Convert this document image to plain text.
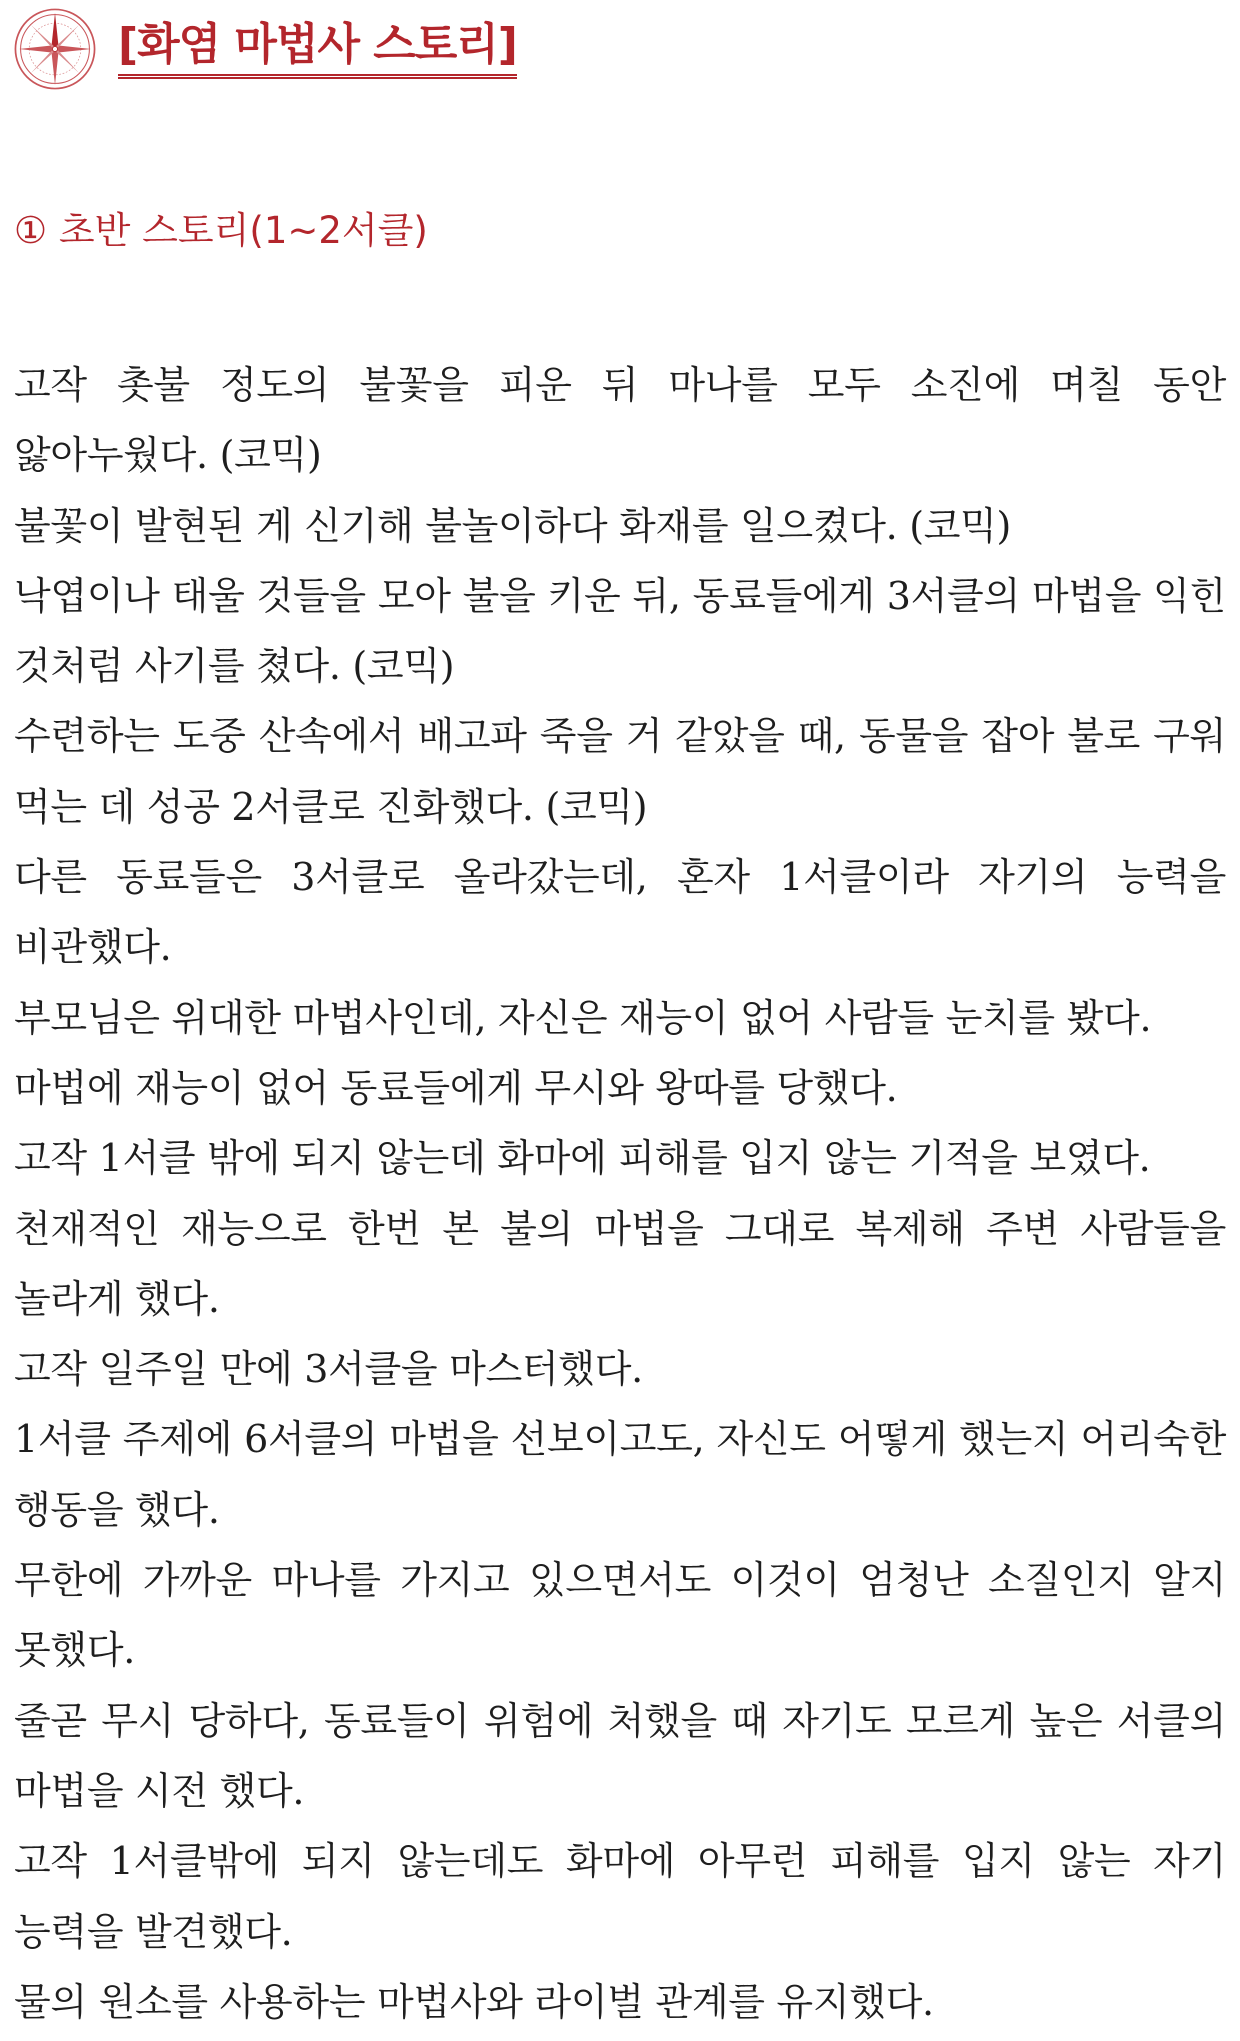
[화염 마법사 스토리]
① 초반 스토리(1~2서클)

고작 촛불 정도의 불꽃을 피운 뒤 마나를 모두 소진에 며칠 동안 앓아누웠다. (코믹)

불꽃이 발현된 게 신기해 불놀이하다 화재를 일으켰다. (코믹)

낙엽이나 태울 것들을 모아 불을 키운 뒤, 동료들에게 3서클의 마법을 익힌 것처럼 사기를 쳤다. (코믹)

수련하는 도중 산속에서 배고파 죽을 거 같았을 때, 동물을 잡아 불로 구워 먹는 데 성공 2서클로 진화했다. (코믹)

다른 동료들은 3서클로 올라갔는데, 혼자 1서클이라 자기의 능력을 비관했다.

부모님은 위대한 마법사인데, 자신은 재능이 없어 사람들 눈치를 봤다.

마법에 재능이 없어 동료들에게 무시와 왕따를 당했다.

고작 1서클 밖에 되지 않는데 화마에 피해를 입지 않는 기적을 보였다.

천재적인 재능으로 한번 본 불의 마법을 그대로 복제해 주변 사람들을 놀라게 했다.

고작 일주일 만에 3서클을 마스터했다.

1서클 주제에 6서클의 마법을 선보이고도, 자신도 어떻게 했는지 어리숙한 행동을 했다.

무한에 가까운 마나를 가지고 있으면서도 이것이 엄청난 소질인지 알지 못했다.

줄곧 무시 당하다, 동료들이 위험에 처했을 때 자기도 모르게 높은 서클의 마법을 시전 했다.

고작 1서클밖에 되지 않는데도 화마에 아무런 피해를 입지 않는 자기 능력을 발견했다.

물의 원소를 사용하는 마법사와 라이벌 관계를 유지했다.
